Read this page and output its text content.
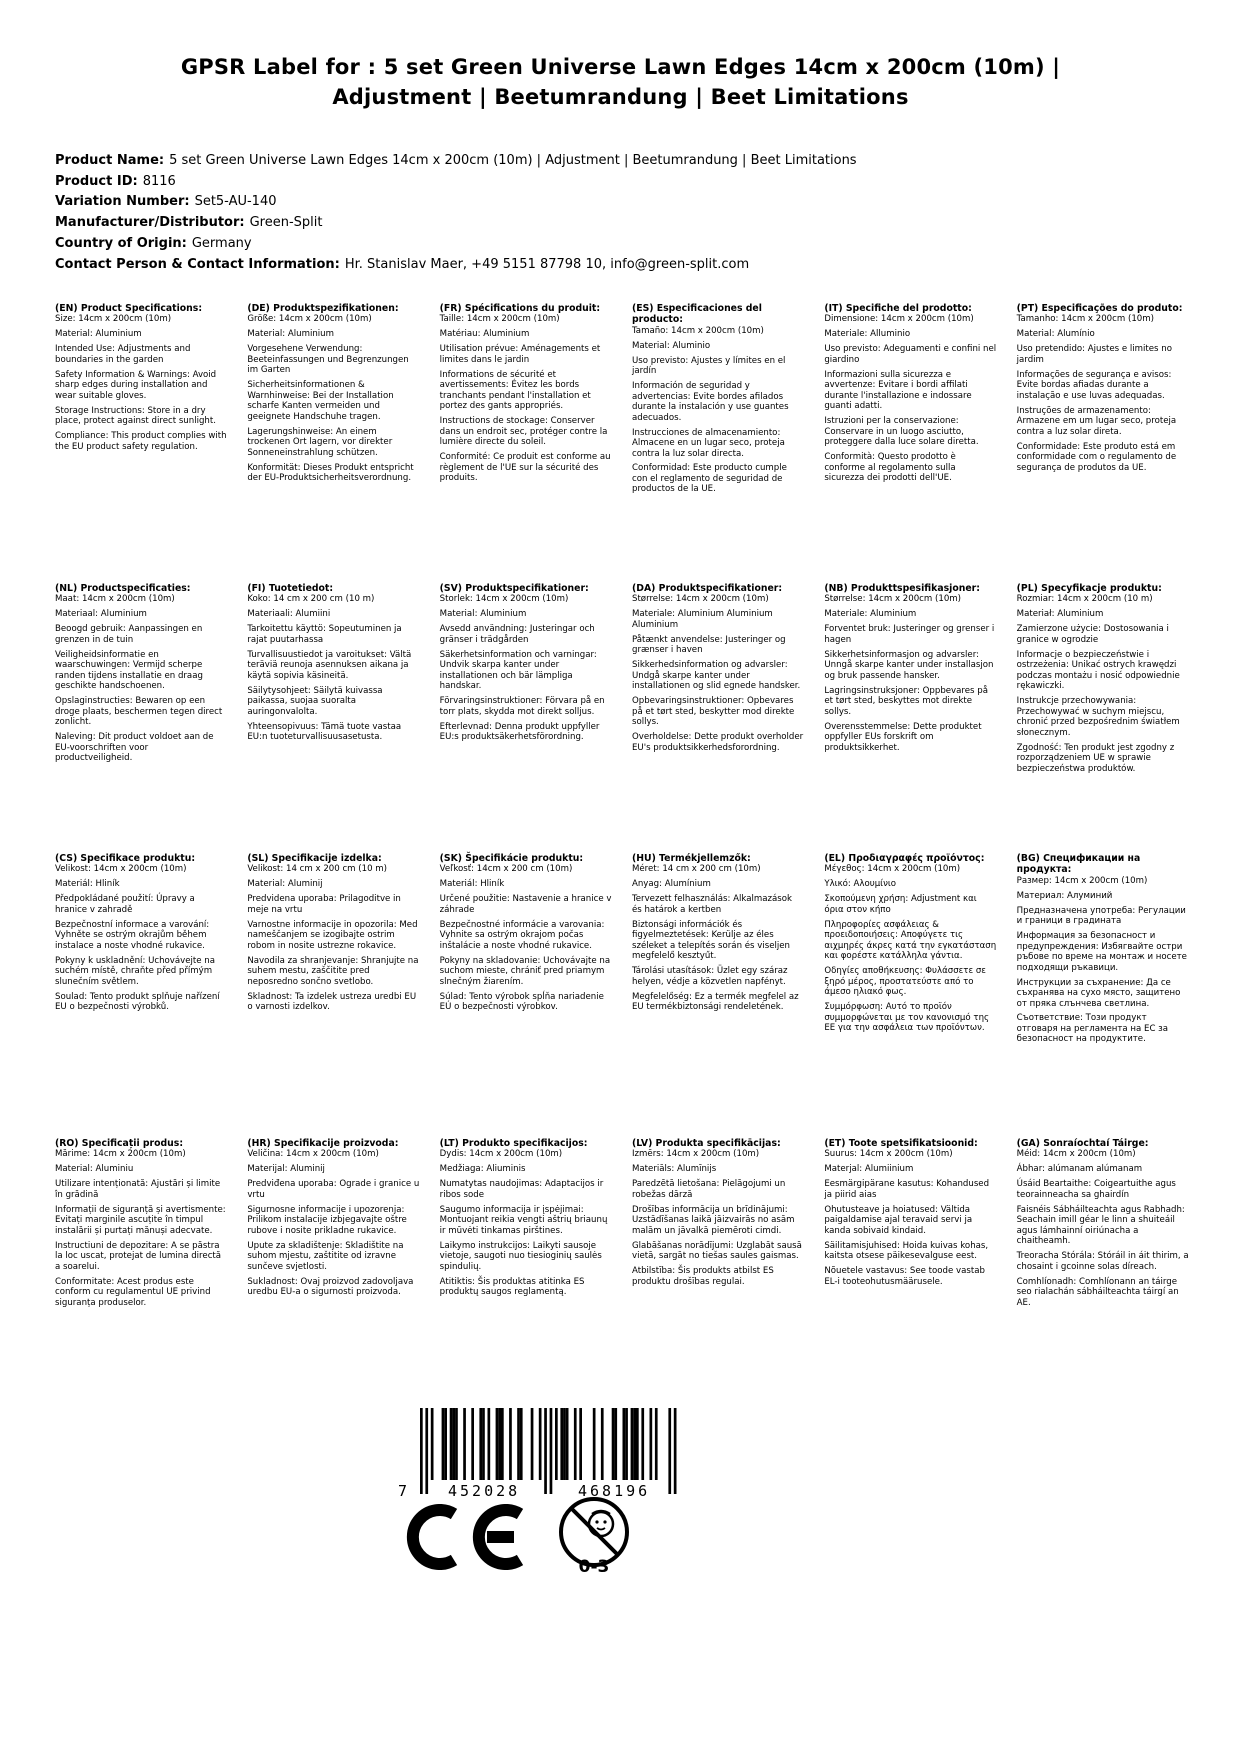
GPSR Label for : 5 set Green Universe Lawn Edges 14cm x 200cm (10m) | Adjustment | Beetumrandung | Beet Limitations
Product Name: 5 set Green Universe Lawn Edges 14cm x 200cm (10m) | Adjustment | Beetumrandung | Beet Limitations
Product ID: 8116
Variation Number: Set5-AU-140
Manufacturer/Distributor: Green-Split
Country of Origin: Germany
Contact Person & Contact Information: Hr. Stanislav Maer, +49 5151 87798 10, info@green-split.com
(EN) Product Specifications:

Size: 14cm x 200cm (10m)

Material: Aluminium

Intended Use: Adjustments and boundaries in the garden

Safety Information & Warnings: Avoid sharp edges during installation and wear suitable gloves.

Storage Instructions: Store in a dry place, protect against direct sunlight.

Compliance: This product complies with the EU product safety regulation.

(DE) Produktspezifikationen:

Größe: 14cm x 200cm (10m)

Material: Aluminium

Vorgesehene Verwendung: Beeteinfassungen und Begrenzungen im Garten

Sicherheitsinformationen & Warnhinweise: Bei der Installation scharfe Kanten vermeiden und geeignete Handschuhe tragen.

Lagerungshinweise: An einem trockenen Ort lagern, vor direkter Sonneneinstrahlung schützen.

Konformität: Dieses Produkt entspricht der EU-Produktsicherheitsverordnung.

(FR) Spécifications du produit:

Taille: 14cm x 200cm (10m)

Matériau: Aluminium

Utilisation prévue: Aménagements et limites dans le jardin

Informations de sécurité et avertissements: Évitez les bords tranchants pendant l'installation et portez des gants appropriés.

Instructions de stockage: Conserver dans un endroit sec, protéger contre la lumière directe du soleil.

Conformité: Ce produit est conforme au règlement de l'UE sur la sécurité des produits.

(ES) Especificaciones del producto:

Tamaño: 14cm x 200cm (10m)

Material: Aluminio

Uso previsto: Ajustes y límites en el jardín

Información de seguridad y advertencias: Evite bordes afilados durante la instalación y use guantes adecuados.

Instrucciones de almacenamiento: Almacene en un lugar seco, proteja contra la luz solar directa.

Conformidad: Este producto cumple con el reglamento de seguridad de productos de la UE.

(IT) Specifiche del prodotto:

Dimensione: 14cm x 200cm (10m)

Materiale: Alluminio

Uso previsto: Adeguamenti e confini nel giardino

Informazioni sulla sicurezza e avvertenze: Evitare i bordi affilati durante l'installazione e indossare guanti adatti.

Istruzioni per la conservazione: Conservare in un luogo asciutto, proteggere dalla luce solare diretta.

Conformità: Questo prodotto è conforme al regolamento sulla sicurezza dei prodotti dell'UE.

(PT) Especificações do produto:

Tamanho: 14cm x 200cm (10m)

Material: Alumínio

Uso pretendido: Ajustes e limites no jardim

Informações de segurança e avisos: Evite bordas afiadas durante a instalação e use luvas adequadas.

Instruções de armazenamento: Armazene em um lugar seco, proteja contra a luz solar direta.

Conformidade: Este produto está em conformidade com o regulamento de segurança de produtos da UE.

(NL) Productspecificaties:

Maat: 14cm x 200cm (10m)

Materiaal: Aluminium

Beoogd gebruik: Aanpassingen en grenzen in de tuin

Veiligheidsinformatie en waarschuwingen: Vermijd scherpe randen tijdens installatie en draag geschikte handschoenen.

Opslaginstructies: Bewaren op een droge plaats, beschermen tegen direct zonlicht.

Naleving: Dit product voldoet aan de EU-voorschriften voor productveiligheid.

(FI) Tuotetiedot:

Koko: 14 cm x 200 cm (10 m)

Materiaali: Alumiini

Tarkoitettu käyttö: Sopeutuminen ja rajat puutarhassa

Turvallisuustiedot ja varoitukset: Vältä teräviä reunoja asennuksen aikana ja käytä sopivia käsineitä.

Säilytysohjeet: Säilytä kuivassa paikassa, suojaa suoralta auringonvalolta.

Yhteensopivuus: Tämä tuote vastaa EU:n tuoteturvallisuusasetusta.

(SV) Produktspecifikationer:

Storlek: 14cm x 200cm (10m)

Material: Aluminium

Avsedd användning: Justeringar och gränser i trädgården

Säkerhetsinformation och varningar: Undvik skarpa kanter under installationen och bär lämpliga handskar.

Förvaringsinstruktioner: Förvara på en torr plats, skydda mot direkt solljus.

Efterlevnad: Denna produkt uppfyller EU:s produktsäkerhetsförordning.

(DA) Produktspecifikationer:

Størrelse: 14cm x 200cm (10m)

Materiale: Aluminium Aluminium Aluminium

Påtænkt anvendelse: Justeringer og grænser i haven

Sikkerhedsinformation og advarsler: Undgå skarpe kanter under installationen og slid egnede handsker.

Opbevaringsinstruktioner: Opbevares på et tørt sted, beskytter mod direkte sollys.

Overholdelse: Dette produkt overholder EU's produktsikkerhedsforordning.

(NB) Produkttspesifikasjoner:

Størrelse: 14cm x 200cm (10m)

Materiale: Aluminium

Forventet bruk: Justeringer og grenser i hagen

Sikkerhetsinformasjon og advarsler: Unngå skarpe kanter under installasjon og bruk passende hansker.

Lagringsinstruksjoner: Oppbevares på et tørt sted, beskyttes mot direkte sollys.

Overensstemmelse: Dette produktet oppfyller EUs forskrift om produktsikkerhet.

(PL) Specyfikacje produktu:

Rozmiar: 14cm x 200cm (10 m)

Materiał: Aluminium

Zamierzone użycie: Dostosowania i granice w ogrodzie

Informacje o bezpieczeństwie i ostrzeżenia: Unikać ostrych krawędzi podczas montażu i nosić odpowiednie rękawiczki.

Instrukcje przechowywania: Przechowywać w suchym miejscu, chronić przed bezpośrednim światłem słonecznym.

Zgodność: Ten produkt jest zgodny z rozporządzeniem UE w sprawie bezpieczeństwa produktów.

(CS) Specifikace produktu:

Velikost: 14cm x 200cm (10m)

Materiál: Hliník

Předpokládané použití: Úpravy a hranice v zahradě

Bezpečnostní informace a varování: Vyhněte se ostrým okrajům během instalace a noste vhodné rukavice.

Pokyny k uskladnění: Uchovávejte na suchém místě, chraňte před přímým slunečním světlem.

Soulad: Tento produkt splňuje nařízení EU o bezpečnosti výrobků.

(SL) Specifikacije izdelka:

Velikost: 14 cm x 200 cm (10 m)

Material: Aluminij

Predvidena uporaba: Prilagoditve in meje na vrtu

Varnostne informacije in opozorila: Med nameščanjem se izogibajte ostrim robom in nosite ustrezne rokavice.

Navodila za shranjevanje: Shranjujte na suhem mestu, zaščitite pred neposredno sončno svetlobo.

Skladnost: Ta izdelek ustreza uredbi EU o varnosti izdelkov.

(SK) Špecifikácie produktu:

Veľkosť: 14cm x 200 cm (10m)

Materiál: Hliník

Určené použitie: Nastavenie a hranice v záhrade

Bezpečnostné informácie a varovania: Vyhnite sa ostrým okrajom počas inštalácie a noste vhodné rukavice.

Pokyny na skladovanie: Uchovávajte na suchom mieste, chrániť pred priamym slnečným žiarením.

Súlad: Tento výrobok spĺňa nariadenie EÚ o bezpečnosti výrobkov.

(HU) Termékjellemzők:

Méret: 14 cm x 200 cm (10m)

Anyag: Alumínium

Tervezett felhasználás: Alkalmazások és határok a kertben

Biztonsági információk és figyelmeztetések: Kerülje az éles széleket a telepítés során és viseljen megfelelő kesztyűt.

Tárolási utasítások: Üzlet egy száraz helyen, védje a közvetlen napfényt.

Megfelelőség: Ez a termék megfelel az EU termékbiztonsági rendeletének.

(EL) Προδιαγραφές προϊόντος:

Μέγεθος: 14cm x 200cm (10m)

Υλικό: Αλουμίνιο

Σκοπούμενη χρήση: Adjustment και όρια στον κήπο

Πληροφορίες ασφάλειας & προειδοποιήσεις: Αποφύγετε τις αιχμηρές άκρες κατά την εγκατάσταση και φορέστε κατάλληλα γάντια.

Οδηγίες αποθήκευσης: Φυλάσσετε σε ξηρό μέρος, προστατεύστε από το άμεσο ηλιακό φως.

Συμμόρφωση: Αυτό το προϊόν συμμορφώνεται με τον κανονισμό της ΕΕ για την ασφάλεια των προϊόντων.

(BG) Спецификации на продукта:

Размер: 14cm x 200cm (10m)

Материал: Алуминий

Предназначена употреба: Регулации и граници в градината

Информация за безопасност и предупреждения: Избягвайте остри ръбове по време на монтаж и носете подходящи ръкавици.

Инструкции за съхранение: Да се съхранява на сухо място, защитено от пряка слънчева светлина.

Съответствие: Този продукт отговаря на регламента на ЕС за безопасност на продуктите.

(RO) Specificații produs:

Mărime: 14cm x 200cm (10m)

Material: Aluminiu

Utilizare intenționată: Ajustări și limite în grădină

Informații de siguranță și avertismente: Evitați marginile ascuțite în timpul instalării și purtați mănuși adecvate.

Instructiuni de depozitare: A se păstra la loc uscat, protejat de lumina directă a soarelui.

Conformitate: Acest produs este conform cu regulamentul UE privind siguranța produselor.

(HR) Specifikacije proizvoda:

Veličina: 14cm x 200cm (10m)

Materijal: Aluminij

Predviđena uporaba: Ograde i granice u vrtu

Sigurnosne informacije i upozorenja: Prilikom instalacije izbjegavajte oštre rubove i nosite prikladne rukavice.

Upute za skladištenje: Skladištite na suhom mjestu, zaštitite od izravne sunčeve svjetlosti.

Sukladnost: Ovaj proizvod zadovoljava uredbu EU-a o sigurnosti proizvoda.

(LT) Produkto specifikacijos:

Dydis: 14cm x 200cm (10m)

Medžiaga: Aliuminis

Numatytas naudojimas: Adaptacijos ir ribos sode

Saugumo informacija ir įspėjimai: Montuojant reikia vengti aštrių briaunų ir mūvėti tinkamas pirštines.

Laikymo instrukcijos: Laikyti sausoje vietoje, saugoti nuo tiesioginių saulės spindulių.

Atitiktis: Šis produktas atitinka ES produktų saugos reglamentą.

(LV) Produkta specifikācijas:

Izmērs: 14cm x 200cm (10m)

Materiāls: Alumīnijs

Paredzētā lietošana: Pielāgojumi un robežas dārzā

Drošības informācija un brīdinājumi: Uzstādīšanas laikā jāizvairās no asām malām un jāvalkā piemēroti cimdi.

Glabāšanas norādījumi: Uzglabāt sausā vietā, sargāt no tiešas saules gaismas.

Atbilstība: Šis produkts atbilst ES produktu drošības regulai.

(ET) Toote spetsifikatsioonid:

Suurus: 14cm x 200cm (10m)

Materjal: Alumiinium

Eesmärgipärane kasutus: Kohandused ja piirid aias

Ohutusteave ja hoiatused: Vältida paigaldamise ajal teravaid servi ja kanda sobivaid kindaid.

Säilitamisjuhised: Hoida kuivas kohas, kaitsta otsese päikesevalguse eest.

Nõuetele vastavus: See toode vastab EL-i tooteohutusmäärusele.

(GA) Sonraíochtaí Táirge:

Méid: 14cm x 200cm (10m)

Ábhar: alúmanam alúmanam

Úsáid Beartaithe: Coigeartuithe agus teorainneacha sa ghairdín

Faisnéis Sábháilteachta agus Rabhadh: Seachain imill géar le linn a shuiteáil agus lámhainní oiriúnacha a chaitheamh.

Treoracha Stórála: Stóráil in áit thirim, a chosaint i gcoinne solas díreach.

Comhlíonadh: Comhlíonann an táirge seo rialachán sábháilteachta táirgí an AE.

7	452028	468196
0-3
